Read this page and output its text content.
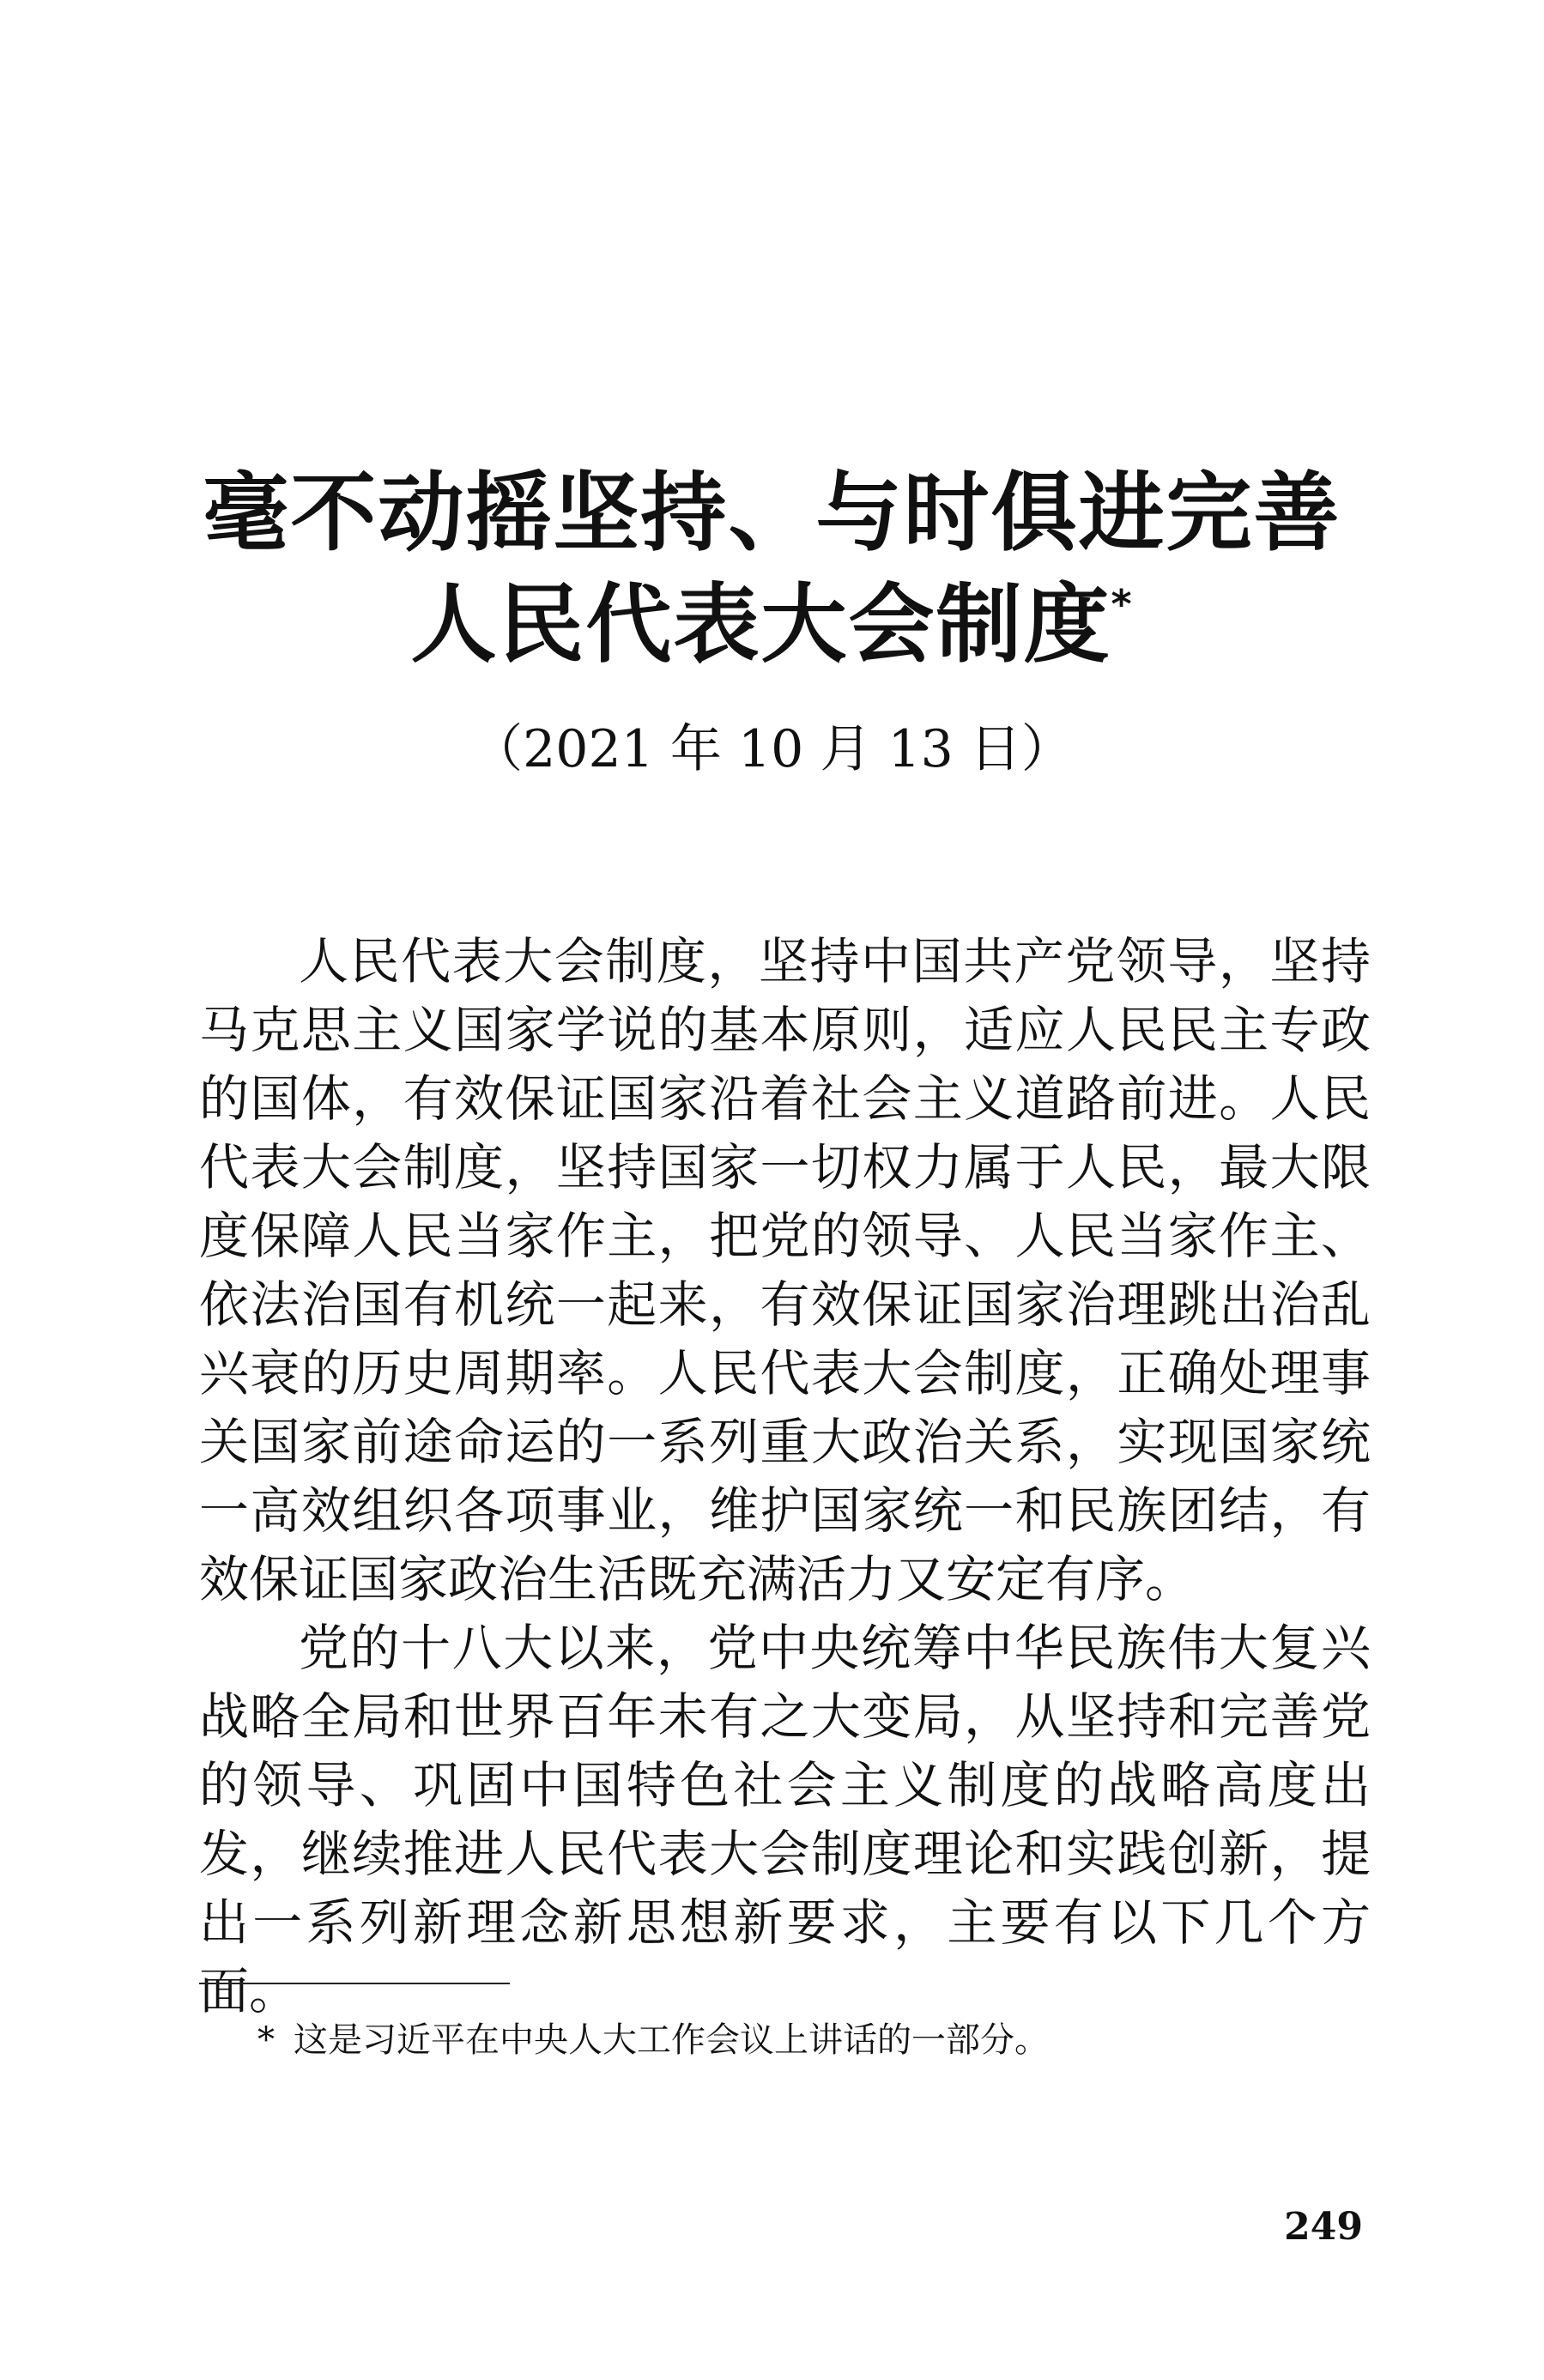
毫不动摇坚持、与时俱进完善
人民代表大会制度*
（2021 年 10 月 13 日）

人民代表大会制度，坚持中国共产党领导，坚持马克思主义国家学说的基本原则，适应人民民主专政的国体，有效保证国家沿着社会主义道路前进。人民代表大会制度，坚持国家一切权力属于人民，最大限度保障人民当家作主，把党的领导、人民当家作主、依法治国有机统一起来，有效保证国家治理跳出治乱兴衰的历史周期率。人民代表大会制度，正确处理事关国家前途命运的一系列重大政治关系，实现国家统一高效组织各项事业，维护国家统一和民族团结，有效保证国家政治生活既充满活力又安定有序。

党的十八大以来，党中央统筹中华民族伟大复兴战略全局和世界百年未有之大变局，从坚持和完善党的领导、巩固中国特色社会主义制度的战略高度出发，继续推进人民代表大会制度理论和实践创新，提出一系列新理念新思想新要求，主要有以下几个方面。

* 这是习近平在中央人大工作会议上讲话的一部分。
249
